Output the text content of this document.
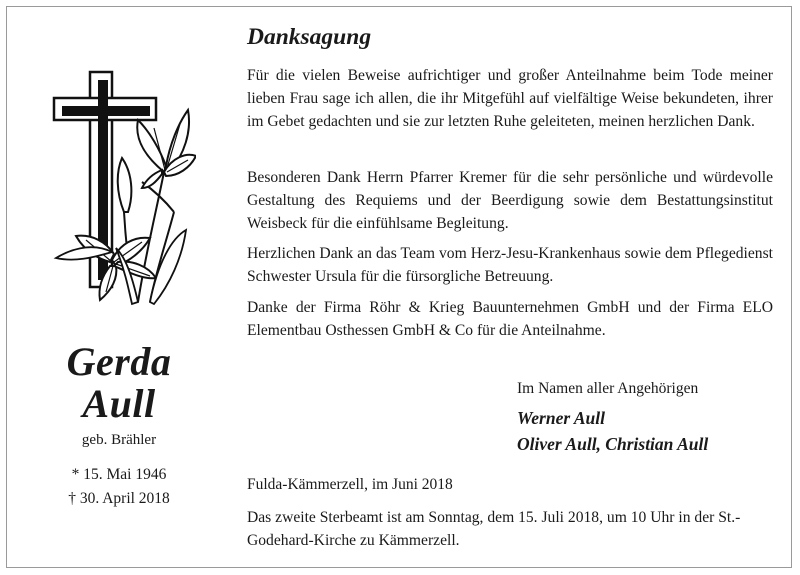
Gerda
Aull
geb. Brähler
* 15. Mai 1946
† 30. April 2018
Danksagung

Für die vielen Beweise aufrichtiger und großer Anteilnahme beim Tode meiner lieben Frau sage ich allen, die ihr Mitgefühl auf vielfältige Weise bekundeten, ihrer im Gebet gedachten und sie zur letzten Ruhe geleiteten, meinen herzlichen Dank.

Besonderen Dank Herrn Pfarrer Kremer für die sehr persönliche und würdevolle Gestaltung des Requiems und der Beerdigung sowie dem Bestattungsinstitut Weisbeck für die einfühlsame Begleitung.

Herzlichen Dank an das Team vom Herz-Jesu-Krankenhaus sowie dem Pflegedienst Schwester Ursula für die fürsorgliche Betreuung.

Danke der Firma Röhr & Krieg Bauunternehmen GmbH und der Firma ELO Elementbau Osthessen GmbH & Co für die Anteilnahme.

Im Namen aller Angehörigen
Werner Aull
Oliver Aull, Christian Aull
Fulda-Kämmerzell, im Juni 2018

Das zweite Sterbeamt ist am Sonntag, dem 15. Juli 2018, um 10 Uhr in der St.-Godehard-Kirche zu Kämmerzell.
